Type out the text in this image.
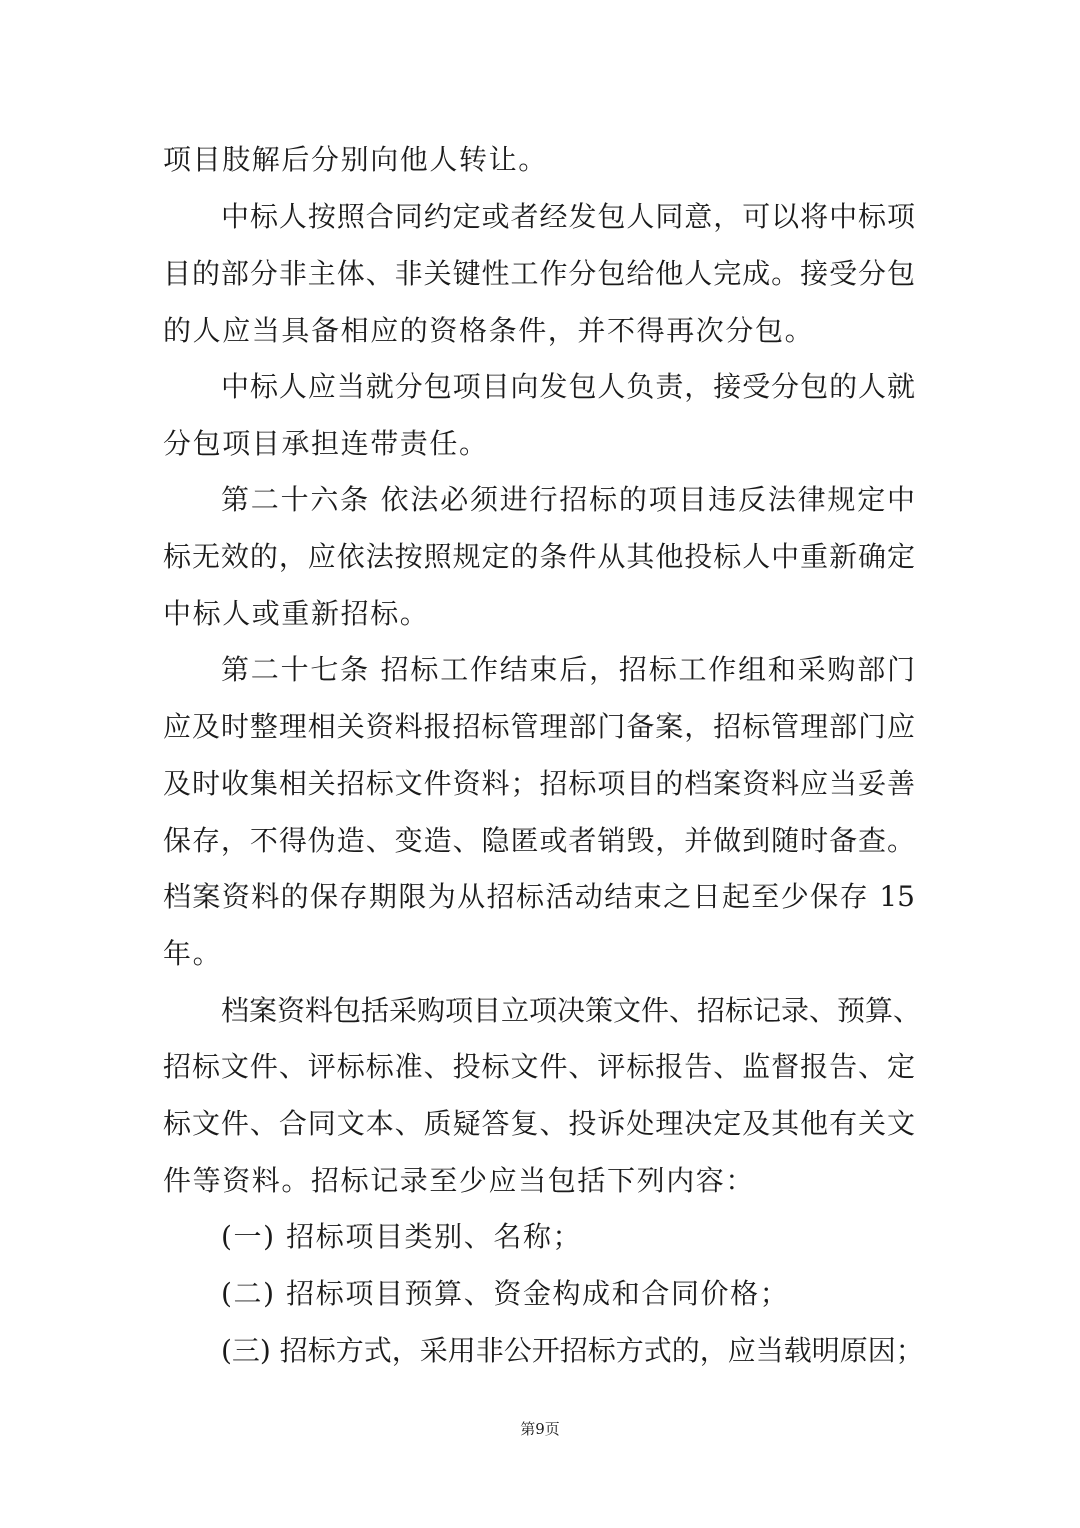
项目肢解后分别向他人转让。
中标人按照合同约定或者经发包人同意，可以将中标项
目的部分非主体、非关键性工作分包给他人完成。接受分包
的人应当具备相应的资格条件，并不得再次分包。
中标人应当就分包项目向发包人负责，接受分包的人就
分包项目承担连带责任。
第二十六条 依法必须进行招标的项目违反法律规定中
标无效的，应依法按照规定的条件从其他投标人中重新确定
中标人或重新招标。
第二十七条 招标工作结束后，招标工作组和采购部门
应及时整理相关资料报招标管理部门备案，招标管理部门应
及时收集相关招标文件资料；招标项目的档案资料应当妥善
保存，不得伪造、变造、隐匿或者销毁，并做到随时备查。
档案资料的保存期限为从招标活动结束之日起至少保存 15
年。
档案资料包括采购项目立项决策文件、招标记录、预算、
招标文件、评标标准、投标文件、评标报告、监督报告、定
标文件、合同文本、质疑答复、投诉处理决定及其他有关文
件等资料。招标记录至少应当包括下列内容：
(一) 招标项目类别、名称；
(二) 招标项目预算、资金构成和合同价格；
(三) 招标方式，采用非公开招标方式的，应当载明原因；
第9页
